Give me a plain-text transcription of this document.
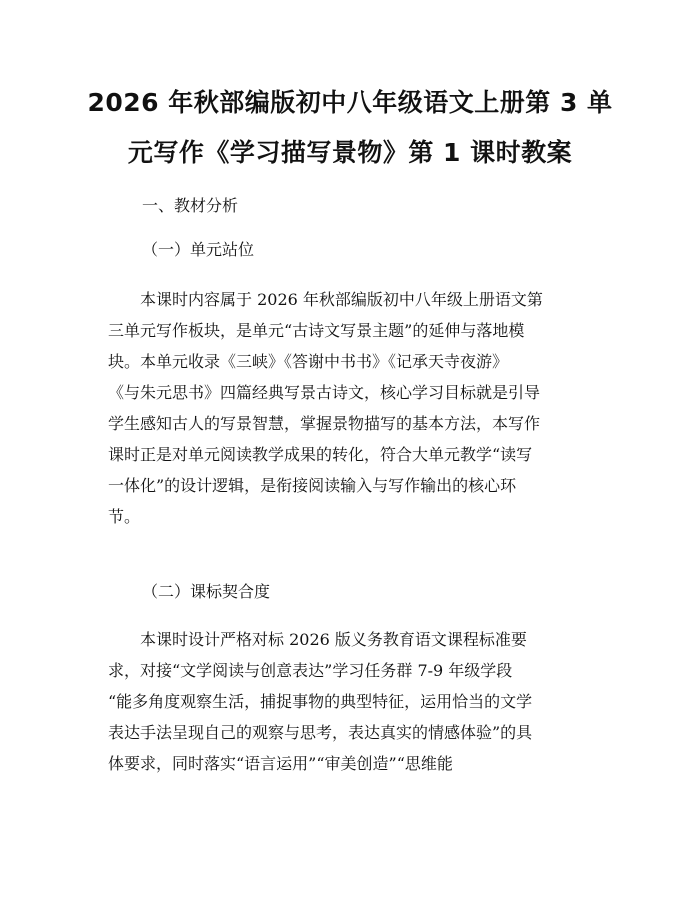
2026 年秋部编版初中八年级语文上册第 3 单
元写作《学习描写景物》第 1 课时教案

一、教材分析

（一）单元站位

　　本课时内容属于 2026 年秋部编版初中八年级上册语文第
三单元写作板块，是单元“古诗文写景主题”的延伸与落地模
块。本单元收录《三峡》《答谢中书书》《记承天寺夜游》
《与朱元思书》四篇经典写景古诗文，核心学习目标就是引导
学生感知古人的写景智慧，掌握景物描写的基本方法，本写作
课时正是对单元阅读教学成果的转化，符合大单元教学“读写
一体化”的设计逻辑，是衔接阅读输入与写作输出的核心环
节。

（二）课标契合度

　　本课时设计严格对标 2026 版义务教育语文课程标准要
求，对接“文学阅读与创意表达”学习任务群 7-9 年级学段
“能多角度观察生活，捕捉事物的典型特征，运用恰当的文学
表达手法呈现自己的观察与思考，表达真实的情感体验”的具
体要求，同时落实“语言运用”“审美创造”“思维能
